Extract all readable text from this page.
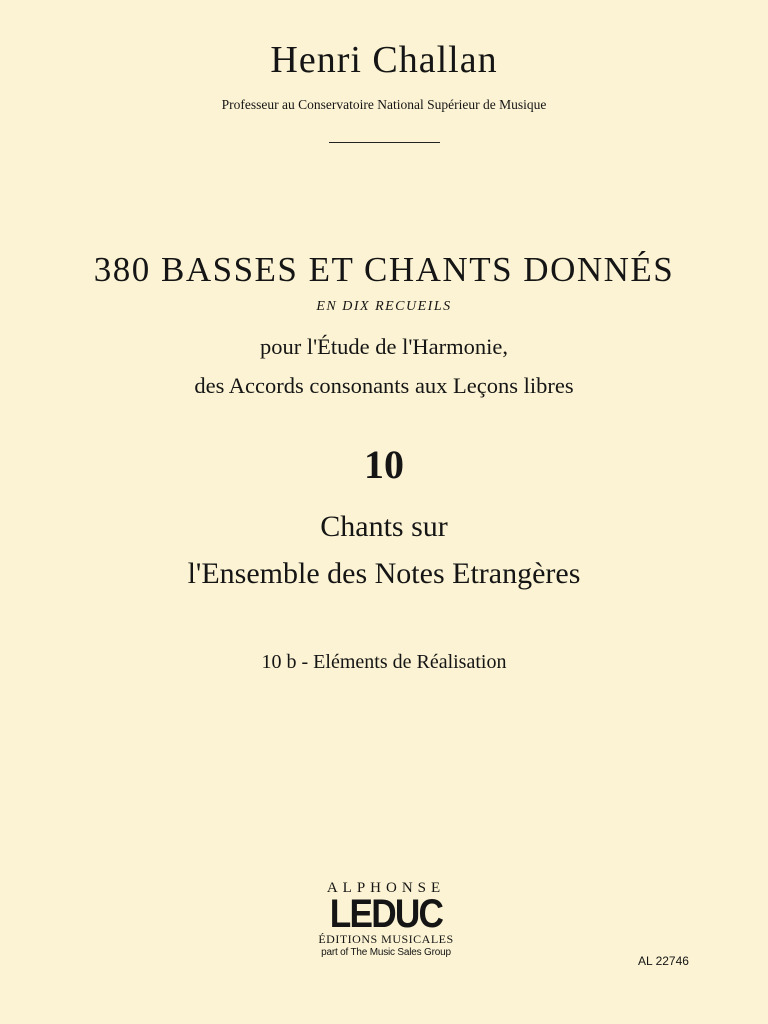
Henri Challan
Professeur au Conservatoire National Supérieur de Musique
380 BASSES ET CHANTS DONNÉS
EN DIX RECUEILS
pour l'Étude de l'Harmonie,
des Accords consonants aux Leçons libres
10
Chants sur
l'Ensemble des Notes Etrangères
10 b - Eléments de Réalisation
ALPHONSE
LEDUC
ÉDITIONS MUSICALES
part of The Music Sales Group
AL 22746
